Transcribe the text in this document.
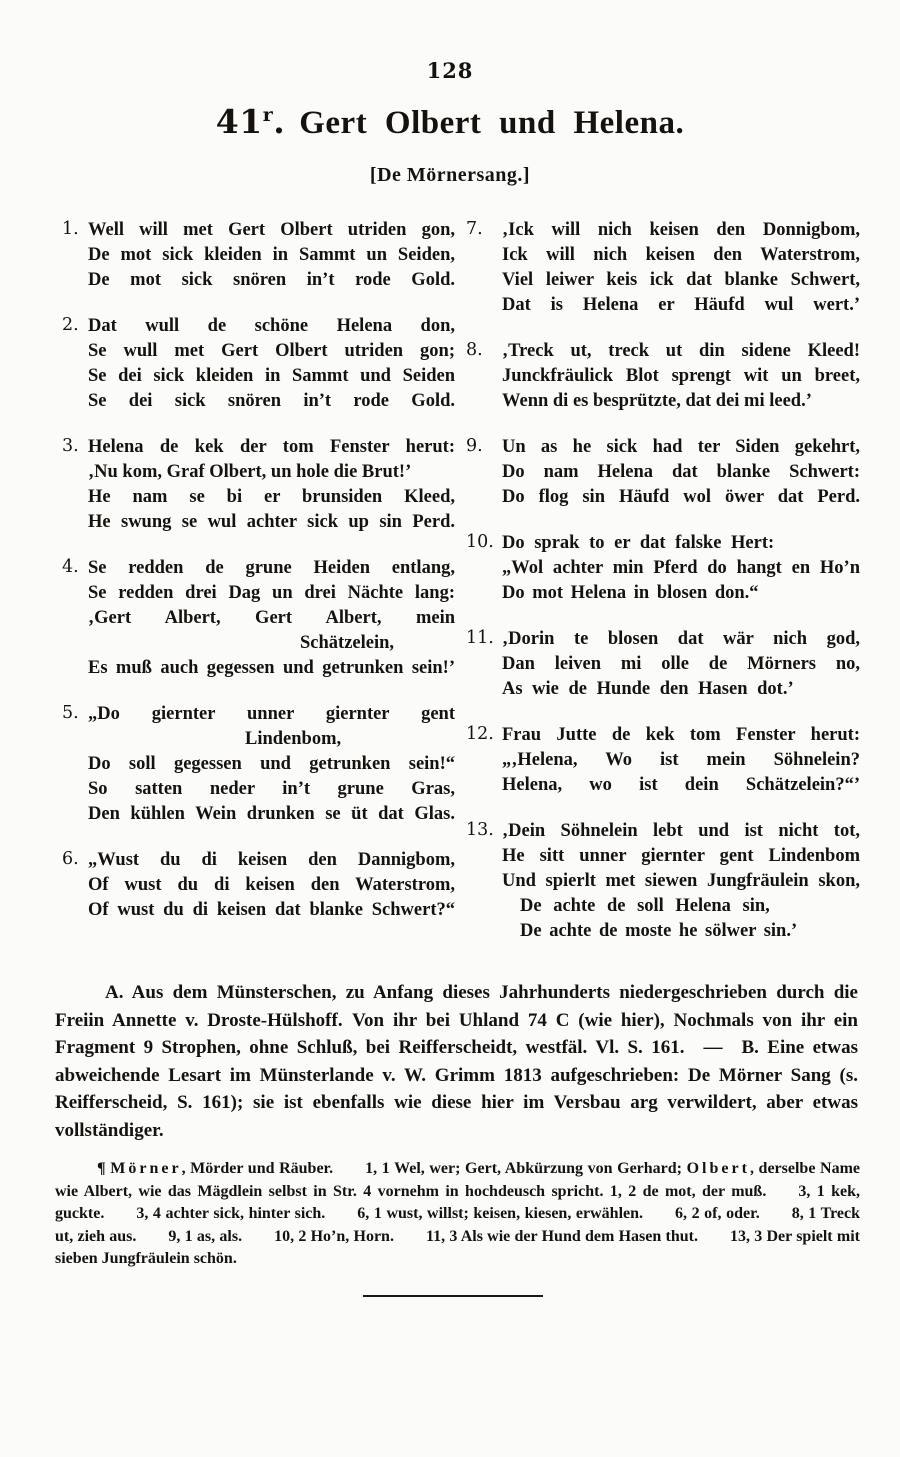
128
41$^r$. Gert Olbert und Helena.
[De Mörnersang.]
1. Well will met Gert Olbert utriden gon,
De mot sick kleiden in Sammt un Seiden,
De mot sick snören in’t rode Gold.
2. Dat wull de schöne Helena don,
Se wull met Gert Olbert utriden gon;
Se dei sick kleiden in Sammt und Seiden
Se dei sick snören in’t rode Gold.
3. Helena de kek der tom Fenster herut:
‚Nu kom, Graf Olbert, un hole die Brut!’
He nam se bi er brunsiden Kleed,
He swung se wul achter sick up sin Perd.
4. Se redden de grune Heiden entlang,
Se redden drei Dag un drei Nächte lang:
‚Gert Albert, Gert Albert, mein
Schätzelein,
Es muß auch gegessen und getrunken sein!’
5. „Do giernter unner giernter gent
Lindenbom,
Do soll gegessen und getrunken sein!“
So satten neder in’t grune Gras,
Den kühlen Wein drunken se üt dat Glas.
6. „Wust du di keisen den Dannigbom,
Of wust du di keisen den Waterstrom,
Of wust du di keisen dat blanke Schwert?“
7. ‚Ick will nich keisen den Donnigbom,
Ick will nich keisen den Waterstrom,
Viel leiwer keis ick dat blanke Schwert,
Dat is Helena er Häufd wul wert.’
8. ‚Treck ut, treck ut din sidene Kleed!
Junckfräulick Blot sprengt wit un breet,
Wenn di es besprützte, dat dei mi leed.’
9. Un as he sick had ter Siden gekehrt,
Do nam Helena dat blanke Schwert:
Do flog sin Häufd wol öwer dat Perd.
10. Do sprak to er dat falske Hert:
„Wol achter min Pferd do hangt en Ho’n
Do mot Helena in blosen don.“
11. ‚Dorin te blosen dat wär nich god,
Dan leiven mi olle de Mörners no,
As wie de Hunde den Hasen dot.’
12. Frau Jutte de kek tom Fenster herut:
„‚Helena, Wo ist mein Söhnelein?
Helena, wo ist dein Schätzelein?“’
13. ‚Dein Söhnelein lebt und ist nicht tot,
He sitt unner giernter gent Lindenbom
Und spierlt met siewen Jungfräulein skon,
De achte de soll Helena sin,
De achte de moste he sölwer sin.’

A. Aus dem Münsterschen, zu Anfang dieses Jahrhunderts niedergeschrieben durch die Freiin Annette v. Droste-Hülshoff. Von ihr bei Uhland 74 C (wie hier), Nochmals von ihr ein Fragment 9 Strophen, ohne Schluß, bei Reifferscheidt, westfäl. Vl. S. 161. — B. Eine etwas abweichende Lesart im Münsterlande v. W. Grimm 1813 aufgeschrieben: De Mörner Sang (s. Reifferscheid, S. 161); sie ist ebenfalls wie diese hier im Versbau arg verwildert, aber etwas vollständiger.

¶ Mörner, Mörder und Räuber.  1, 1 Wel, wer; Gert, Abkürzung von Gerhard; Olbert, derselbe Name wie Albert, wie das Mägdlein selbst in Str. 4 vornehm in hochdeusch spricht. 1, 2 de mot, der muß.  3, 1 kek, guckte.  3, 4 achter sick, hinter sich.  6, 1 wust, willst; keisen, kiesen, erwählen.  6, 2 of, oder.  8, 1 Treck ut, zieh aus.  9, 1 as, als.  10, 2 Ho’n, Horn.  11, 3 Als wie der Hund dem Hasen thut.  13, 3 Der spielt mit sieben Jungfräulein schön.
